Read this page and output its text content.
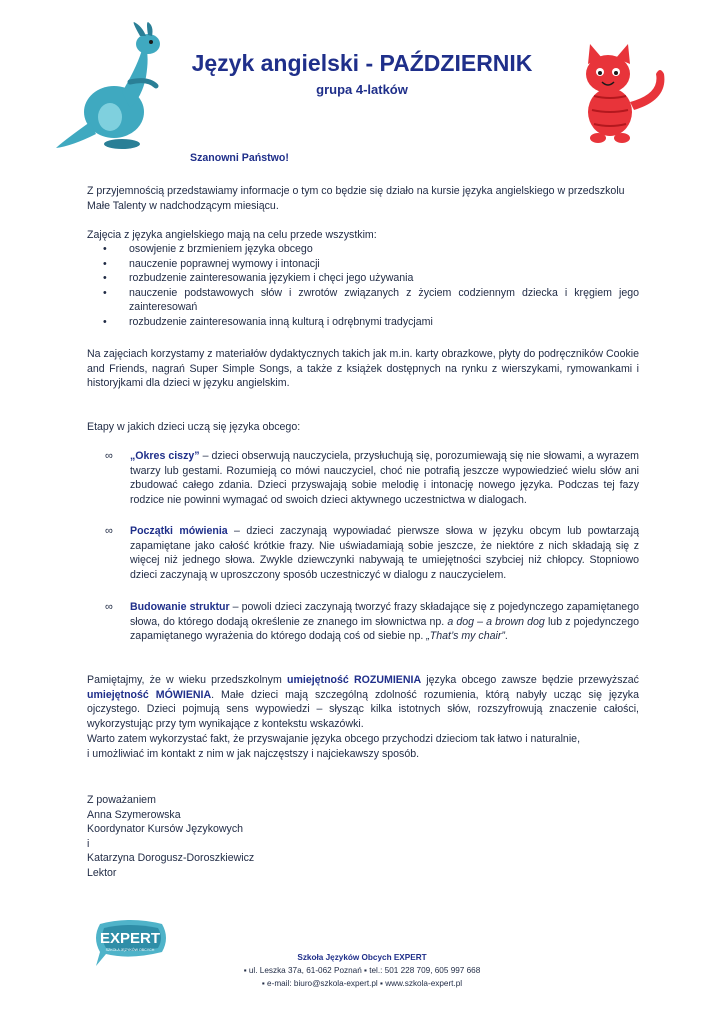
Język angielski - PAŹDZIERNIK
grupa 4-latków
Szanowni Państwo!
Z przyjemnością przedstawiamy informacje o tym co będzie się działo na kursie języka angielskiego w przedszkolu Małe Talenty w nadchodzącym miesiącu.
Zajęcia z języka angielskiego mają na celu przede wszystkim:
• osowjenie z brzmieniem języka obcego
• nauczenie poprawnej wymowy i intonacji
• rozbudzenie zainteresowania językiem i chęci jego używania
• nauczenie podstawowych słów i zwrotów związanych z życiem codziennym dziecka i kręgiem jego zainteresowań
• rozbudzenie zainteresowania inną kulturą i odrębnymi tradycjami
Na zajęciach korzystamy z materiałów dydaktycznych takich jak m.in. karty obrazkowe, płyty do podręczników Cookie and Friends, nagrań Super Simple Songs, a także z książek dostępnych na rynku z wierszykami, rymowankami i historyjkami dla dzieci w języku angielskim.
Etapy w jakich dzieci uczą się języka obcego:
∞ „Okres ciszy” – dzieci obserwują nauczyciela, przysłuchują się, porozumiewają się nie słowami, a wyrazem twarzy lub gestami. Rozumieją co mówi nauczyciel, choć nie potrafią jeszcze wypowiedzieć wielu słów ani zbudować całego zdania. Dzieci przyswajają sobie melodię i intonację nowego języka. Podczas tej fazy rodzice nie powinni wymagać od swoich dzieci aktywnego uczestnictwa w dialogach.
∞ Początki mówienia – dzieci zaczynają wypowiadać pierwsze słowa w języku obcym lub powtarzają zapamiętane jako całość krótkie frazy. Nie uświadamiają sobie jeszcze, że niektóre z nich składają się z więcej niż jednego słowa. Zwykle dziewczynki nabywają te umiejętności szybciej niż chłopcy. Stopniowo dzieci zaczynają w uproszczony sposób uczestniczyć w dialogu z nauczycielem.
∞ Budowanie struktur – powoli dzieci zaczynają tworzyć frazy składające się z pojedynczego zapamiętanego słowa, do którego dodają określenie ze znanego im słownictwa np. a dog – a brown dog lub z pojedynczego zapamiętanego wyrażenia do którego dodają coś od siebie np. „That’s my chair”.
Pamiętajmy, że w wieku przedszkolnym umiejętność ROZUMIENIA języka obcego zawsze będzie przewyższać umiejętność MÓWIENIA. Małe dzieci mają szczególną zdolność rozumienia, którą nabyły ucząc się języka ojczystego. Dzieci pojmują sens wypowiedzi – słysząc kilka istotnych słów, rozszyfrowują znaczenie całości, wykorzystując przy tym wynikające z kontekstu wskazówki.
Warto zatem wykorzystać fakt, że przyswajanie języka obcego przychodzi dzieciom tak łatwo i naturalnie,
i umożliwiać im kontakt z nim w jak najczęstszy i najciekawszy sposób.
Z poważaniem
Anna Szymerowska
Koordynator Kursów Językowych
i
Katarzyna Dorogusz-Doroszkiewicz
Lektor
EXPERT
SZKOŁA JĘZYKÓW OBCYCH
Szkoła Języków Obcych EXPERT
▪ ul. Leszka 37a, 61-062 Poznań ▪ tel.: 501 228 709, 605 997 668
▪ e-mail: biuro@szkola-expert.pl ▪ www.szkola-expert.pl
